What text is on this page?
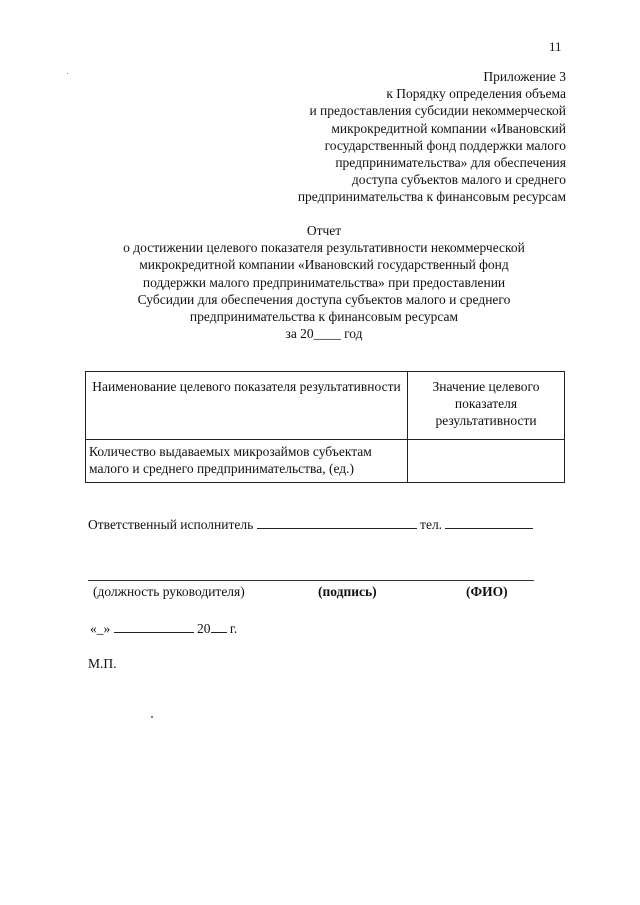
11
Приложение 3
к Порядку определения объема
и предоставления субсидии некоммерческой
микрокредитной компании «Ивановский
государственный фонд поддержки малого
предпринимательства» для обеспечения
доступа субъектов малого и среднего
предпринимательства к финансовым ресурсам
Отчет
о достижении целевого показателя результативности некоммерческой
микрокредитной компании «Ивановский государственный фонд
поддержки малого предпринимательства» при предоставлении
Субсидии для обеспечения доступа субъектов малого и среднего
предпринимательства к финансовым ресурсам
за 20____ год
Наименование целевого показателя результативности	Значение целевого показателя результативности
Количество выдаваемых микрозаймов субъектам малого и среднего предпринимательства, (ед.)	
Ответственный исполнитель	тел.
(должность руководителя)	(подпись)	(ФИО)
«_»	20 г.
М.П.
